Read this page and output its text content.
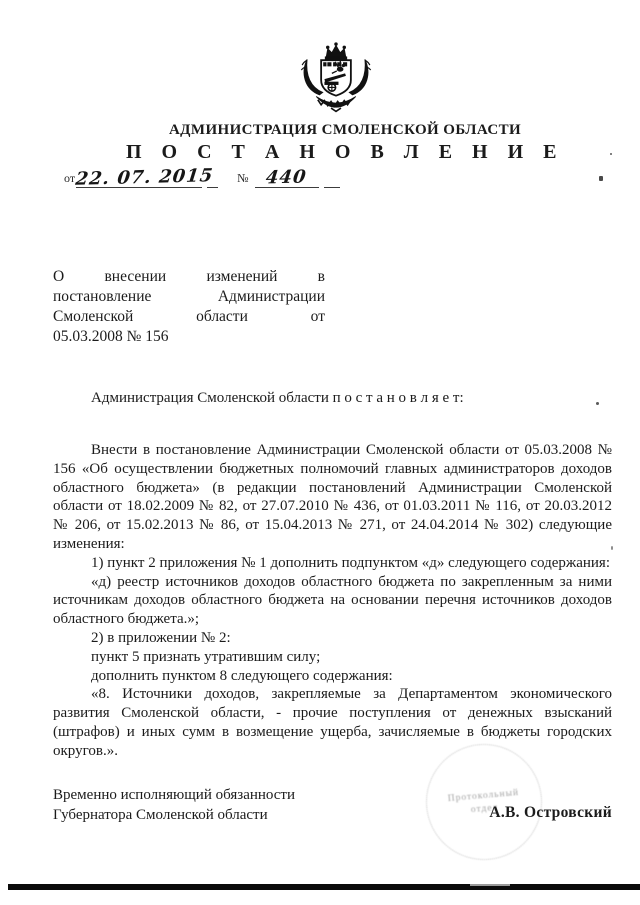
АДМИНИСТРАЦИЯ СМОЛЕНСКОЙ ОБЛАСТИ
П О С Т А Н О В Л Е Н И Е
от22. 07. 2015 № 440
О внесении изменений в
постановление Администрации
Смоленской области от
05.03.2008 № 156

Администрация Смоленской области п о с т а н о в л я е т:

Внести в постановление Администрации Смоленской области от 05.03.2008 № 156 «Об осуществлении бюджетных полномочий главных администраторов доходов областного бюджета» (в редакции постановлений Администрации Смоленской области от 18.02.2009 № 82, от 27.07.2010 № 436, от 01.03.2011 № 116, от 20.03.2012 № 206, от 15.02.2013 № 86, от 15.04.2013 № 271, от 24.04.2014 № 302) следующие изменения:

1) пункт 2 приложения № 1 дополнить подпунктом «д» следующего содержания:

«д) реестр источников доходов областного бюджета по закрепленным за ними источникам доходов областного бюджета на основании перечня источников доходов областного бюджета.»;

2) в приложении № 2:

пункт 5 признать утратившим силу;

дополнить пунктом 8 следующего содержания:

«8. Источники доходов, закрепляемые за Департаментом экономического развития Смоленской области, - прочие поступления от денежных взысканий (штрафов) и иных сумм в возмещение ущерба, зачисляемые в бюджеты городских округов.».

Протокольный
отдел
Временно исполняющий обязанности
Губернатора Смоленской области	А.В. Островский
